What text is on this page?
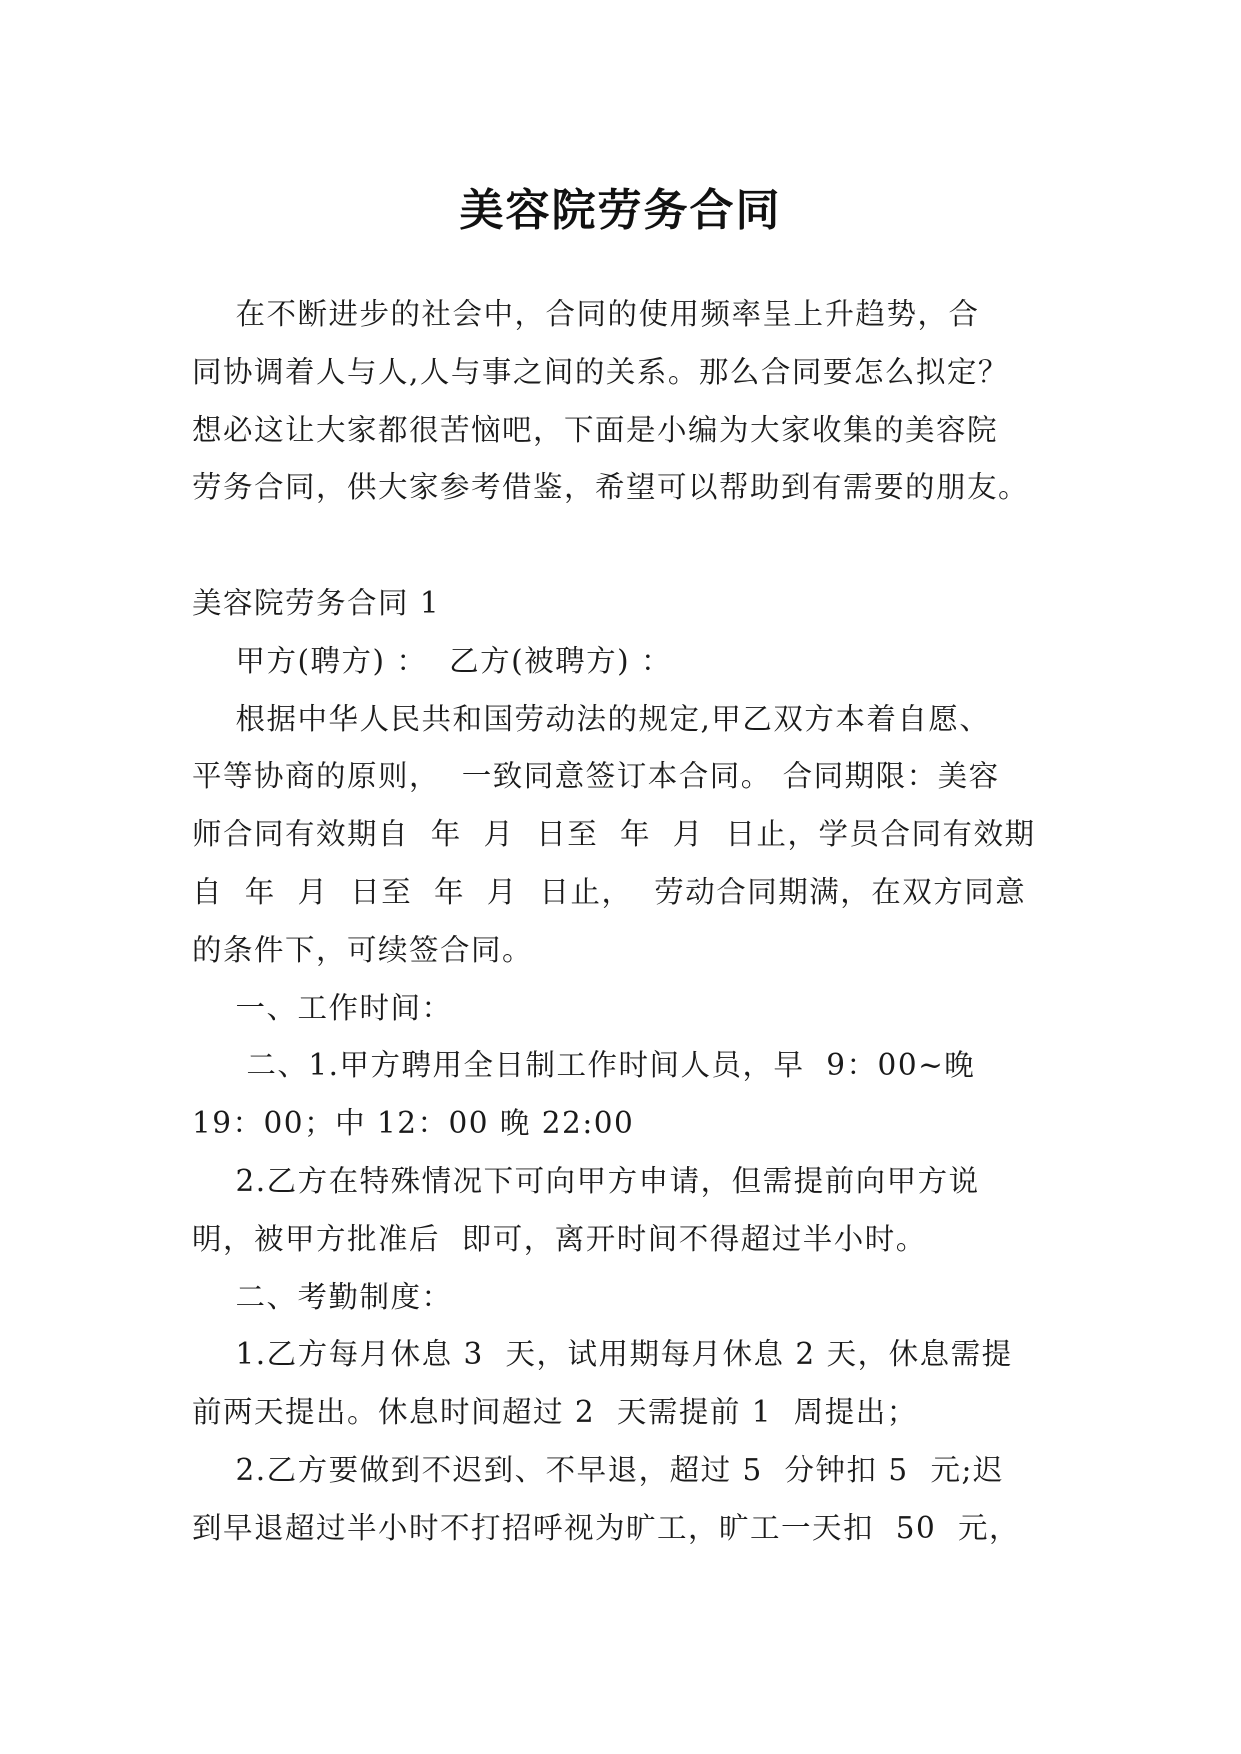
美容院劳务合同

在不断进步的社会中，合同的使用频率呈上升趋势，合

同协调着人与人,人与事之间的关系。那么合同要怎么拟定？

想必这让大家都很苦恼吧，下面是小编为大家收集的美容院

劳务合同，供大家参考借鉴，希望可以帮助到有需要的朋友。

美容院劳务合同 1

甲方(聘方) ：  乙方(被聘方) ：

根据中华人民共和国劳动法的规定,甲乙双方本着自愿、

平等协商的原则，  一致同意签订本合同。 合同期限：美容

师合同有效期自  年  月  日至  年  月  日止，学员合同有效期

自  年  月  日至  年  月  日止，  劳动合同期满，在双方同意

的条件下，可续签合同。

一、工作时间：

二、1.甲方聘用全日制工作时间人员，早  9：00~晚

19：00；中 12：00 晚 22:00

2.乙方在特殊情况下可向甲方申请，但需提前向甲方说

明，被甲方批准后  即可，离开时间不得超过半小时。

二、考勤制度：

1.乙方每月休息 3  天，试用期每月休息 2 天，休息需提

前两天提出。休息时间超过 2  天需提前 1  周提出；

2.乙方要做到不迟到、不早退，超过 5  分钟扣 5  元;迟

到早退超过半小时不打招呼视为旷工，旷工一天扣  50  元，
